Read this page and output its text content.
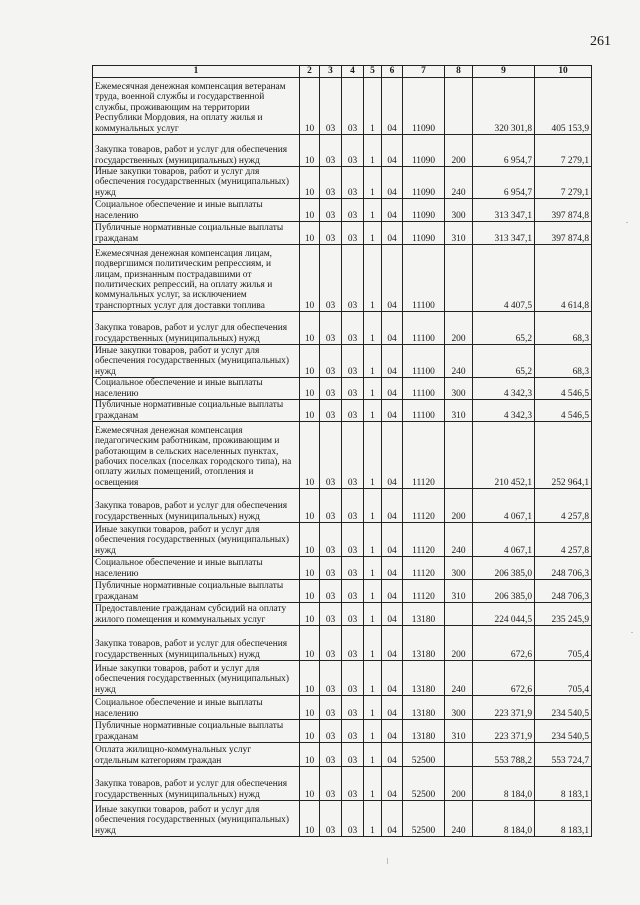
261
1	2	3	4	5	6	7	8	9	10
Ежемесячная денежная компенсация ветеранам труда, военной службы и государственной службы, проживающим на территории Республики Мордовия, на оплату жилья и коммунальных услуг	10	03	03	1	04	11090		320 301,8	405 153,9
Закупка товаров, работ и услуг для обеспечения государственных (муниципальных) нужд	10	03	03	1	04	11090	200	6 954,7	7 279,1
Иные закупки товаров, работ и услуг для обеспечения государственных (муниципальных) нужд	10	03	03	1	04	11090	240	6 954,7	7 279,1
Социальное обеспечение и иные выплаты населению	10	03	03	1	04	11090	300	313 347,1	397 874,8
Публичные нормативные социальные выплаты гражданам	10	03	03	1	04	11090	310	313 347,1	397 874,8
Ежемесячная денежная компенсация лицам, подвергшимся политическим репрессиям, и лицам, признанным пострадавшими от политических репрессий, на оплату жилья и коммунальных услуг, за исключением транспортных услуг для доставки топлива	10	03	03	1	04	11100		4 407,5	4 614,8
Закупка товаров, работ и услуг для обеспечения государственных (муниципальных) нужд	10	03	03	1	04	11100	200	65,2	68,3
Иные закупки товаров, работ и услуг для обеспечения государственных (муниципальных) нужд	10	03	03	1	04	11100	240	65,2	68,3
Социальное обеспечение и иные выплаты населению	10	03	03	1	04	11100	300	4 342,3	4 546,5
Публичные нормативные социальные выплаты гражданам	10	03	03	1	04	11100	310	4 342,3	4 546,5
Ежемесячная денежная компенсация педагогическим работникам, проживающим и работающим в сельских населенных пунктах, рабочих поселках (поселках городского типа), на оплату жилых помещений, отопления и освещения	10	03	03	1	04	11120		210 452,1	252 964,1
Закупка товаров, работ и услуг для обеспечения государственных (муниципальных) нужд	10	03	03	1	04	11120	200	4 067,1	4 257,8
Иные закупки товаров, работ и услуг для обеспечения государственных (муниципальных) нужд	10	03	03	1	04	11120	240	4 067,1	4 257,8
Социальное обеспечение и иные выплаты населению	10	03	03	1	04	11120	300	206 385,0	248 706,3
Публичные нормативные социальные выплаты гражданам	10	03	03	1	04	11120	310	206 385,0	248 706,3
Предоставление гражданам субсидий на оплату жилого помещения и коммунальных услуг	10	03	03	1	04	13180		224 044,5	235 245,9
Закупка товаров, работ и услуг для обеспечения государственных (муниципальных) нужд	10	03	03	1	04	13180	200	672,6	705,4
Иные закупки товаров, работ и услуг для обеспечения государственных (муниципальных) нужд	10	03	03	1	04	13180	240	672,6	705,4
Социальное обеспечение и иные выплаты населению	10	03	03	1	04	13180	300	223 371,9	234 540,5
Публичные нормативные социальные выплаты гражданам	10	03	03	1	04	13180	310	223 371,9	234 540,5
Оплата жилищно-коммунальных услуг отдельным категориям граждан	10	03	03	1	04	52500		553 788,2	553 724,7
Закупка товаров, работ и услуг для обеспечения государственных (муниципальных) нужд	10	03	03	1	04	52500	200	8 184,0	8 183,1
Иные закупки товаров, работ и услуг для обеспечения государственных (муниципальных) нужд	10	03	03	1	04	52500	240	8 184,0	8 183,1
